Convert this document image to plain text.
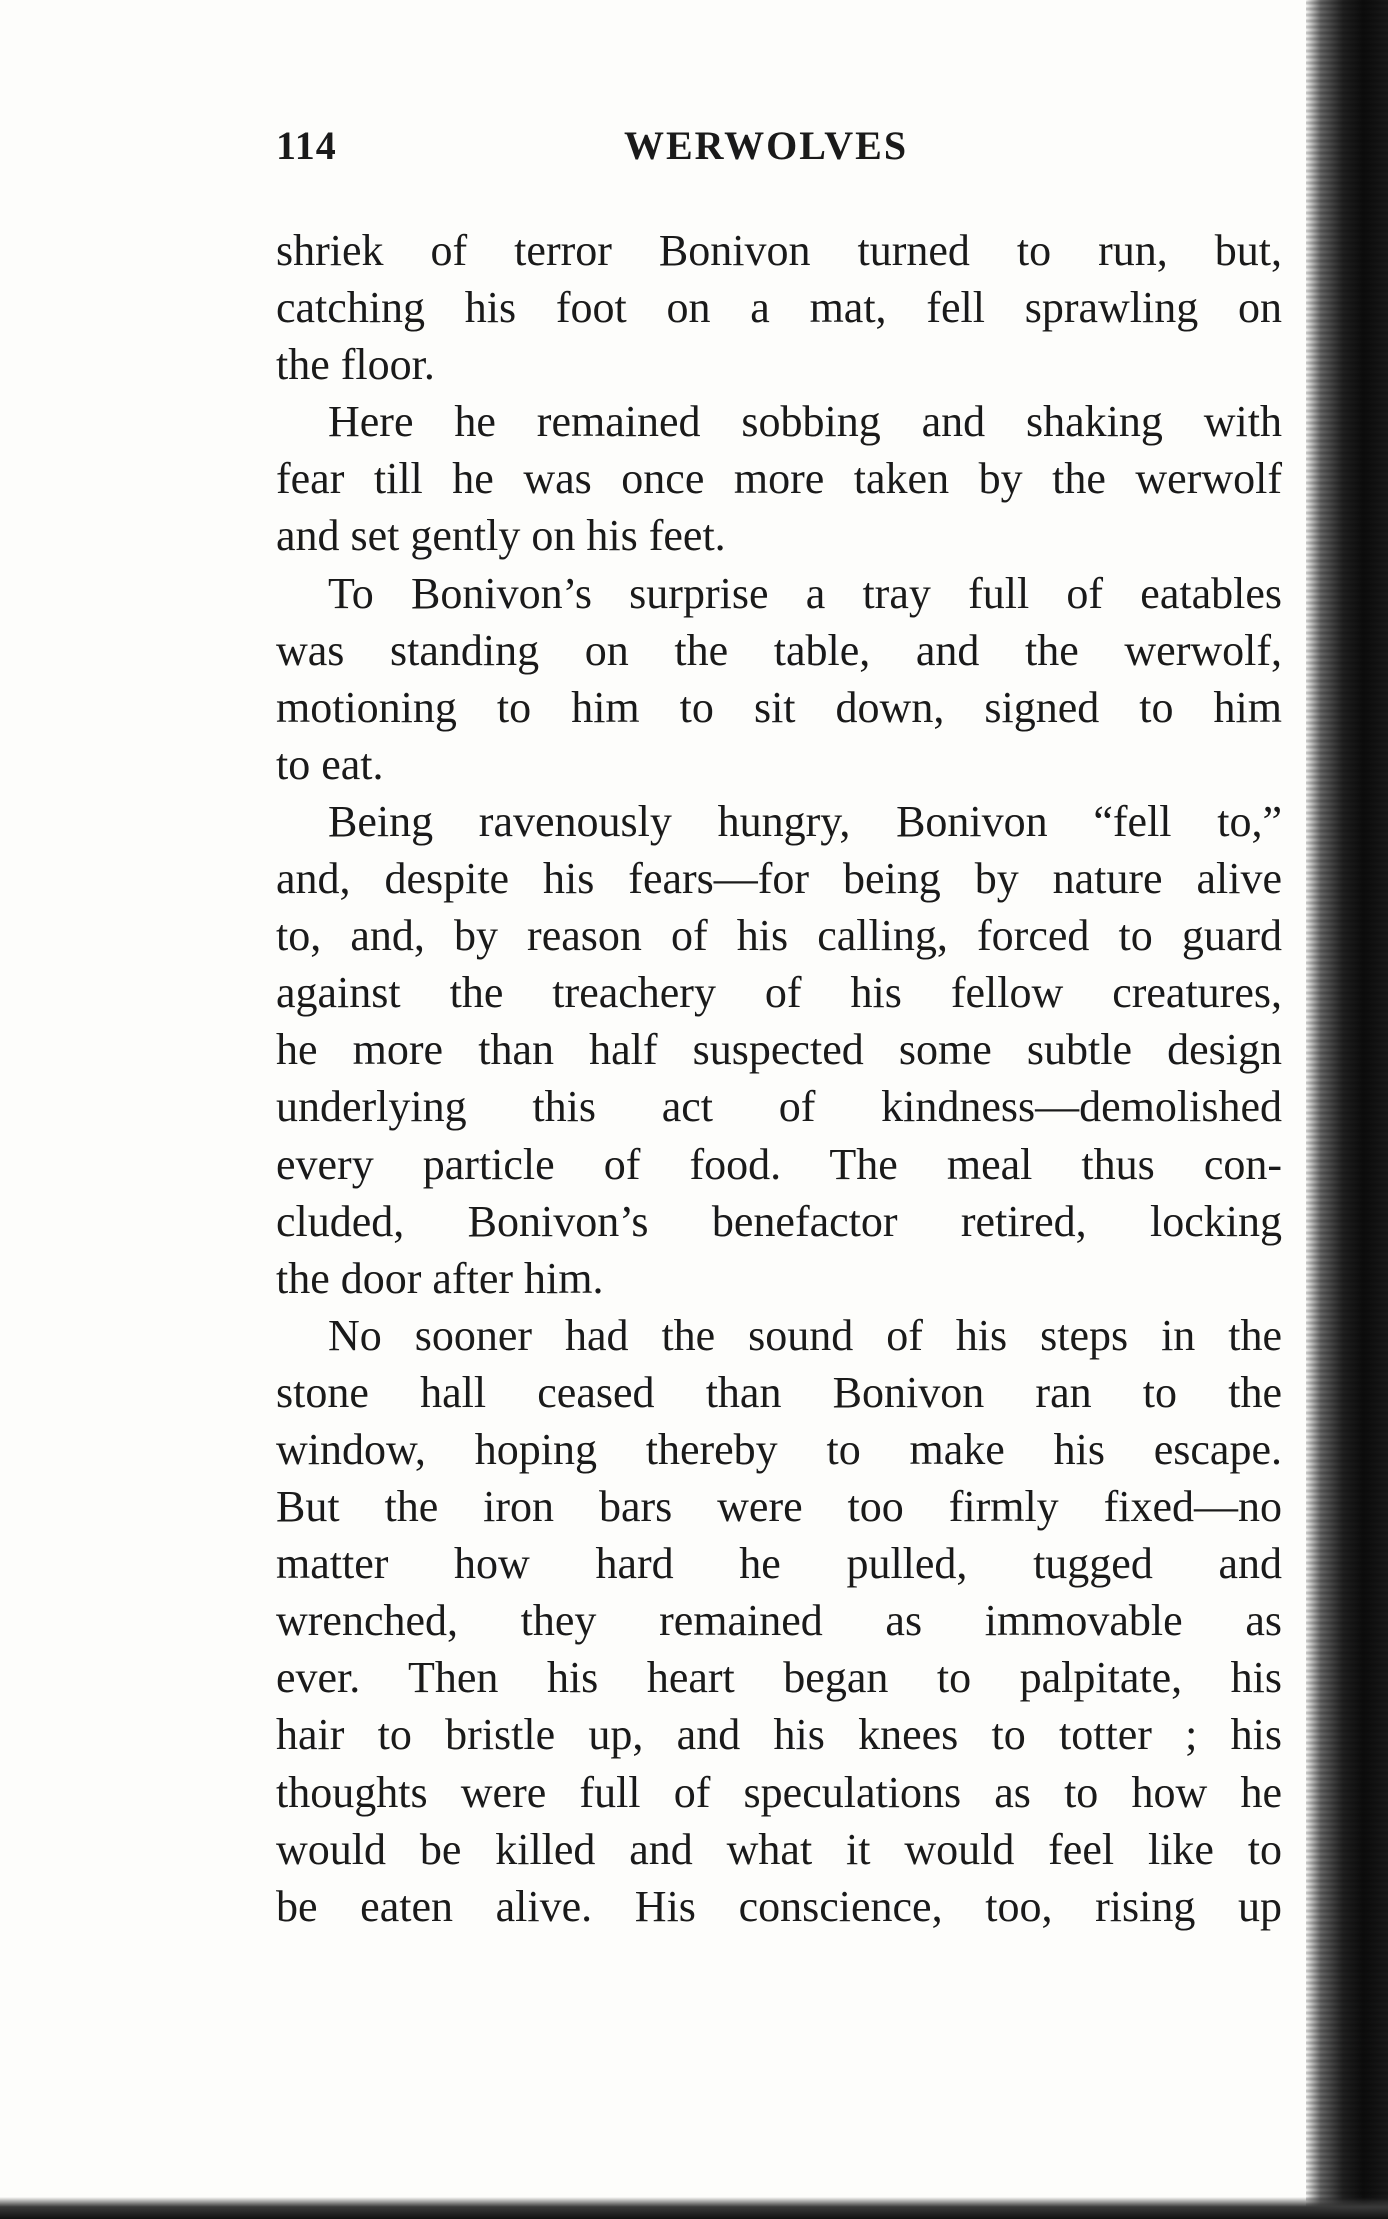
114	WERWOLVES
shriek of terror Bonivon turned to run, but,
catching his foot on a mat, fell sprawling on
the floor.
Here he remained sobbing and shaking with
fear till he was once more taken by the werwolf
and set gently on his feet.
To Bonivon’s surprise a tray full of eatables
was standing on the table, and the werwolf,
motioning to him to sit down, signed to him
to eat.
Being ravenously hungry, Bonivon “fell to,”
and, despite his fears—for being by nature alive
to, and, by reason of his calling, forced to guard
against the treachery of his fellow creatures,
he more than half suspected some subtle design
underlying this act of kindness—demolished
every particle of food. The meal thus con-
cluded, Bonivon’s benefactor retired, locking
the door after him.
No sooner had the sound of his steps in the
stone hall ceased than Bonivon ran to the
window, hoping thereby to make his escape.
But the iron bars were too firmly fixed—no
matter how hard he pulled, tugged and
wrenched, they remained as immovable as
ever. Then his heart began to palpitate, his
hair to bristle up, and his knees to totter ; his
thoughts were full of speculations as to how he
would be killed and what it would feel like to
be eaten alive. His conscience, too, rising up
